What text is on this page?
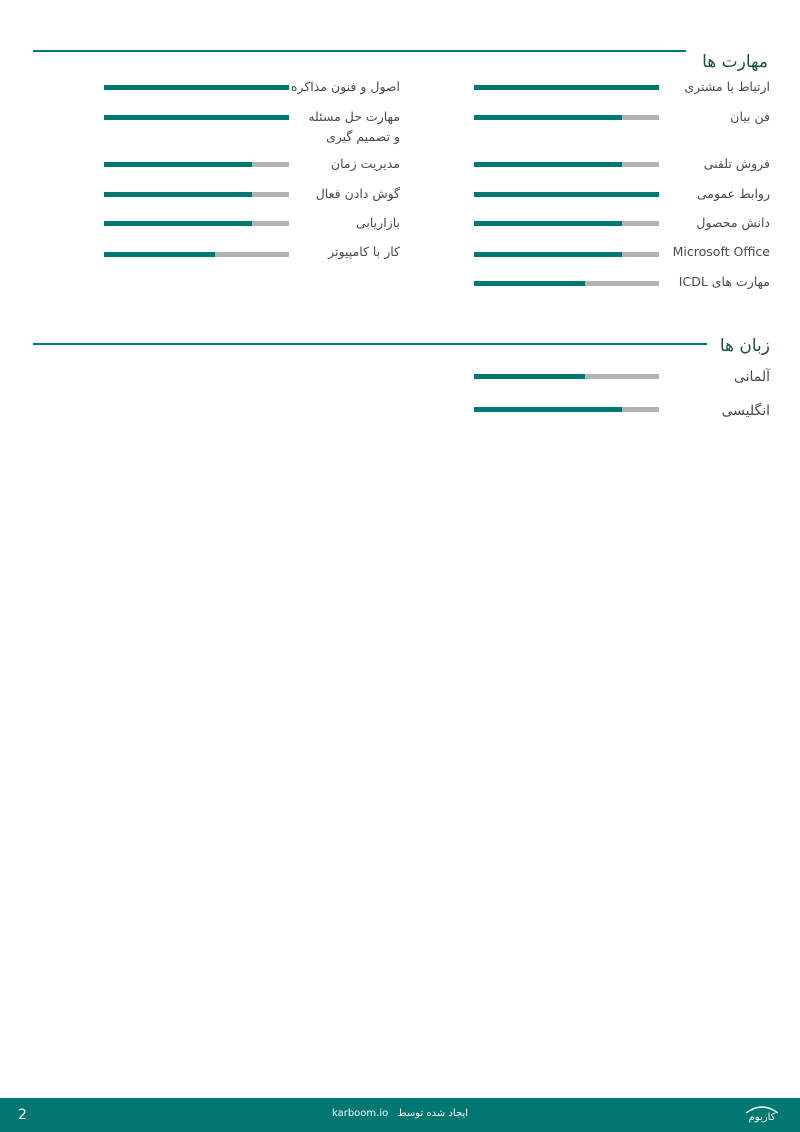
مهارت ها
ارتباط با مشتری
فن بیان
فروش تلفنی
روابط عمومی
دانش محصول
Microsoft Office
مهارت های ICDL
اصول و فنون مذاکره
مهارت حل مسئله و تصمیم گیری
مدیریت زمان
گوش دادن فعال
بازاریابی
کار با کامپیوتر
زبان ها
آلمانی
انگلیسی
2	karboom.io ایجاد شده توسط	کاربوم
